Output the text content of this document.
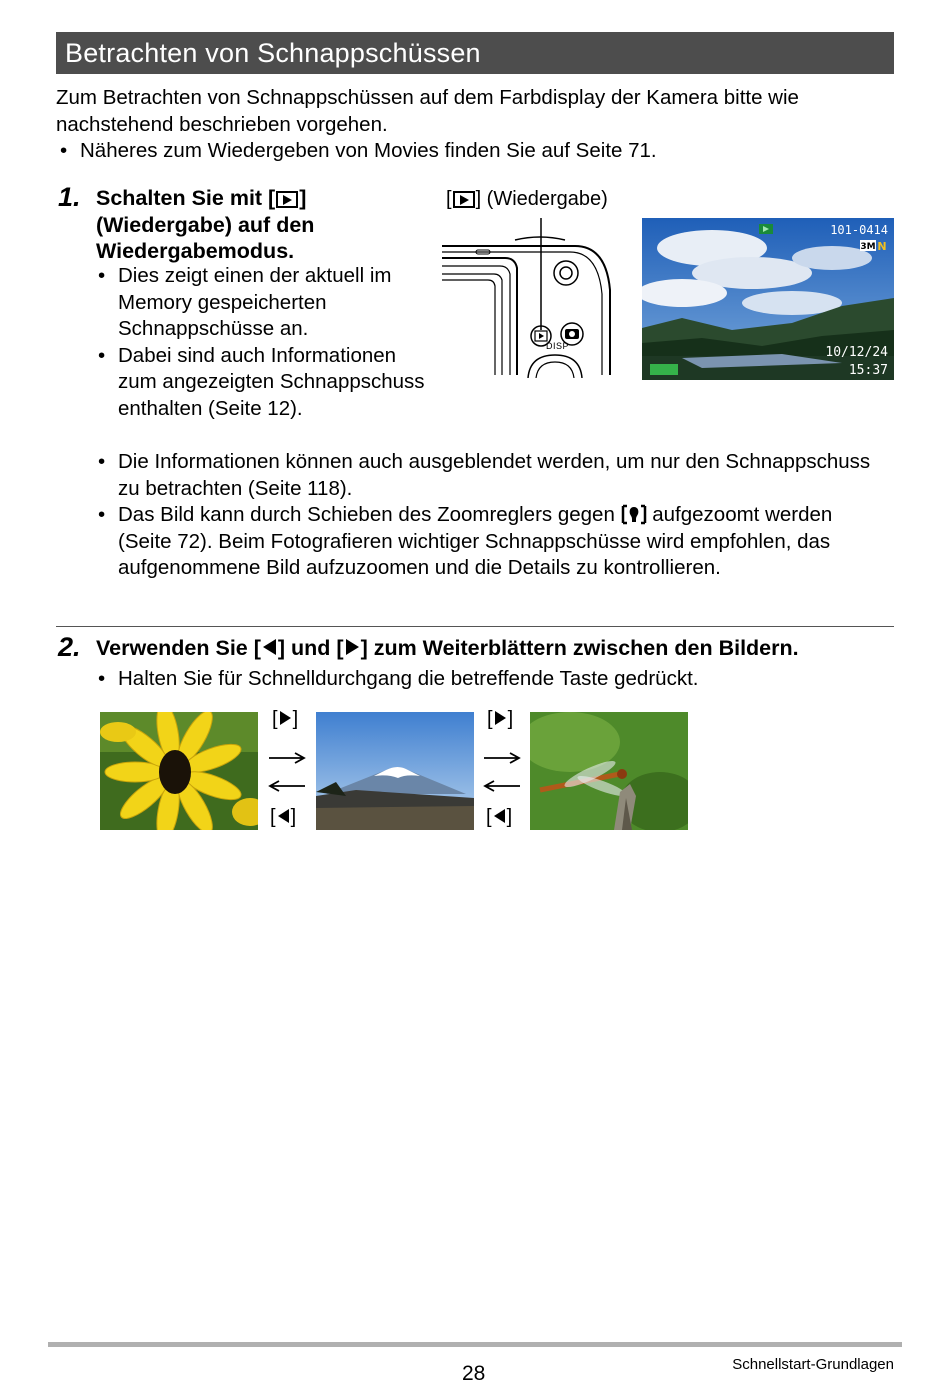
Betrachten von Schnappschüssen
Zum Betrachten von Schnappschüssen auf dem Farbdisplay der Kamera bitte wie nachstehend beschrieben vorgehen.
• Näheres zum Wiedergeben von Movies finden Sie auf Seite 71.
1. Schalten Sie mit [ ] (Wiedergabe) auf den Wiedergabemodus.
• Dies zeigt einen der aktuell im Memory gespeicherten Schnappschüsse an.
• Dabei sind auch Informationen zum angezeigten Schnappschuss enthalten (Seite 12).
• Die Informationen können auch ausgeblendet werden, um nur den Schnappschuss zu betrachten (Seite 118).
• Das Bild kann durch Schieben des Zoomreglers gegen  aufgezoomt werden (Seite 72). Beim Fotografieren wichtiger Schnappschüsse wird empfohlen, das aufgenommene Bild aufzuzoomen und die Details zu kontrollieren.
[ ] (Wiedergabe)
DISP
101-0414
3M N
10/12/24
15:37
2. Verwenden Sie [ ] und [ ] zum Weiterblättern zwischen den Bildern.
• Halten Sie für Schnelldurchgang die betreffende Taste gedrückt.
[ ]
[ ]
[ ]
[ ]
28	Schnellstart-Grundlagen
